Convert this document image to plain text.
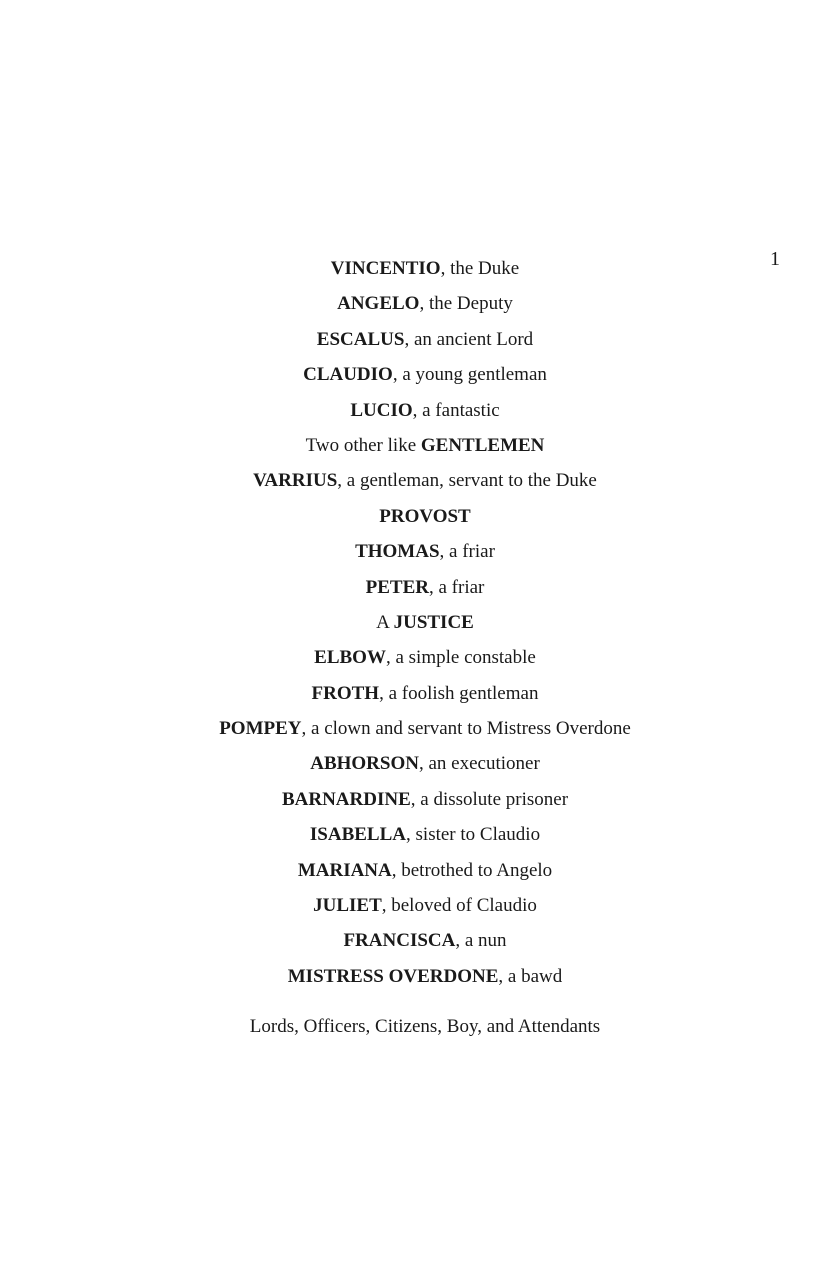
1
VINCENTIO, the Duke
ANGELO, the Deputy
ESCALUS, an ancient Lord
CLAUDIO, a young gentleman
LUCIO, a fantastic
Two other like GENTLEMEN
VARRIUS, a gentleman, servant to the Duke
PROVOST
THOMAS, a friar
PETER, a friar
A JUSTICE
ELBOW, a simple constable
FROTH, a foolish gentleman
POMPEY, a clown and servant to Mistress Overdone
ABHORSON, an executioner
BARNARDINE, a dissolute prisoner
ISABELLA, sister to Claudio
MARIANA, betrothed to Angelo
JULIET, beloved of Claudio
FRANCISCA, a nun
MISTRESS OVERDONE, a bawd
Lords, Officers, Citizens, Boy, and Attendants
